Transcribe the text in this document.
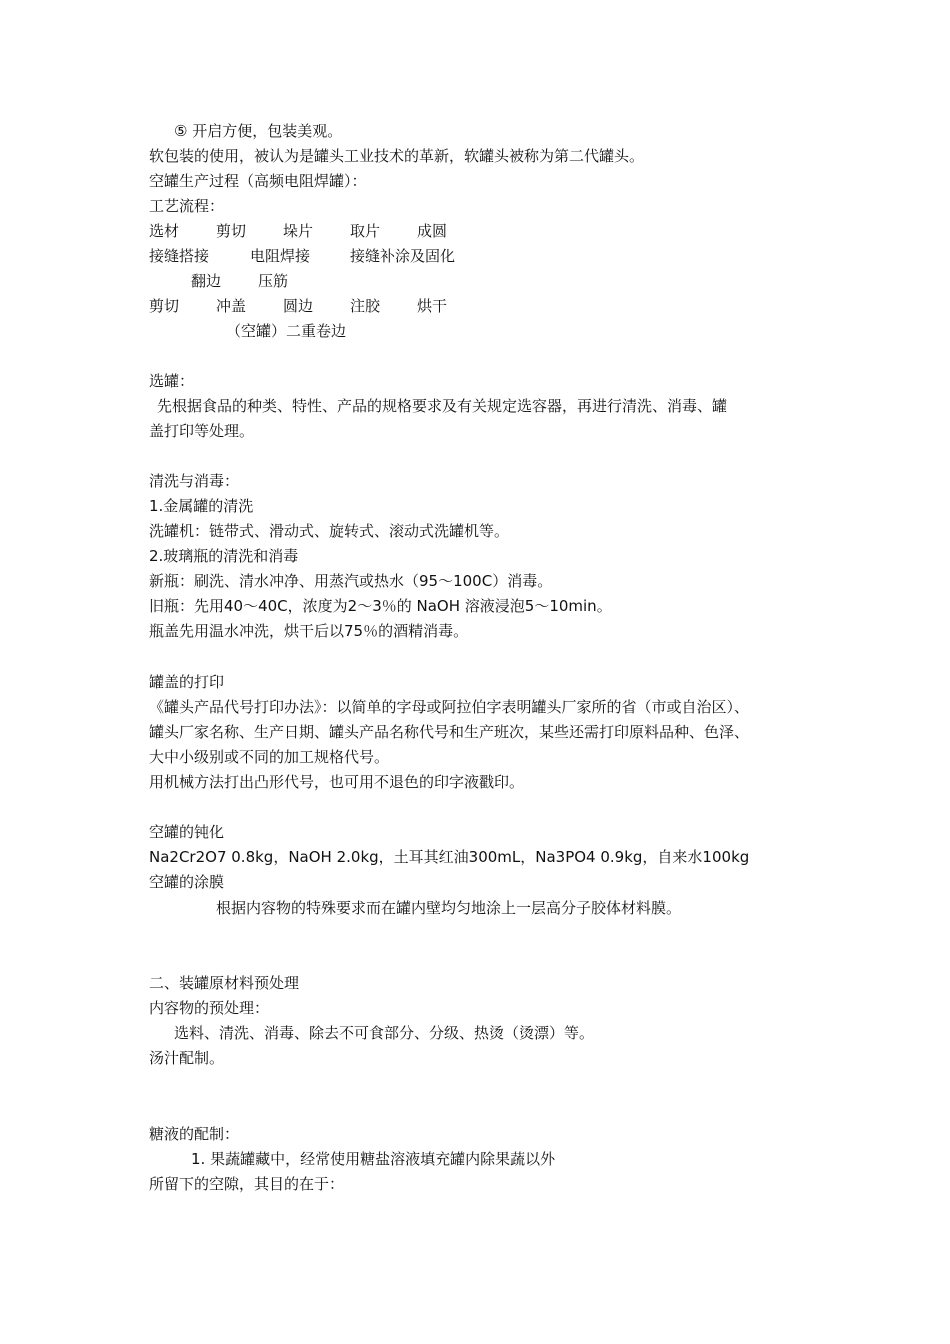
⑤ 开启方便，包装美观。
软包装的使用，被认为是罐头工业技术的革新，软罐头被称为第二代罐头。
空罐生产过程（高频电阻焊罐）：
工艺流程：
选材 剪切 垛片 取片 成圆
接缝搭接	电阻焊接	接缝补涂及固化
翻边 压筋
剪切 冲盖 圆边 注胶 烘干
（空罐）二重卷边
选罐：
先根据食品的种类、特性、产品的规格要求及有关规定选容器，再进行清洗、消毒、罐
盖打印等处理。
清洗与消毒：
1.金属罐的清洗
洗罐机：链带式、滑动式、旋转式、滚动式洗罐机等。
2.玻璃瓶的清洗和消毒
新瓶：刷洗、清水冲净、用蒸汽或热水（95～100C）消毒。
旧瓶：先用40～40C，浓度为2～3％的 NaOH 溶液浸泡5～10min。
瓶盖先用温水冲洗，烘干后以75％的酒精消毒。
罐盖的打印
《罐头产品代号打印办法》：以简单的字母或阿拉伯字表明罐头厂家所的省（市或自治区）、
罐头厂家名称、生产日期、罐头产品名称代号和生产班次，某些还需打印原料品种、色泽、
大中小级别或不同的加工规格代号。
用机械方法打出凸形代号，也可用不退色的印字液戳印。
空罐的钝化
Na2Cr2O7 0.8kg，NaOH 2.0kg，土耳其红油300mL，Na3PO4 0.9kg，自来水100kg
空罐的涂膜
根据内容物的特殊要求而在罐内壁均匀地涂上一层高分子胶体材料膜。
二、装罐原材料预处理
内容物的预处理：
选料、清洗、消毒、除去不可食部分、分级、热烫（烫漂）等。
汤汁配制。
糖液的配制：
1. 果蔬罐藏中，经常使用糖盐溶液填充罐内除果蔬以外
所留下的空隙，其目的在于：
